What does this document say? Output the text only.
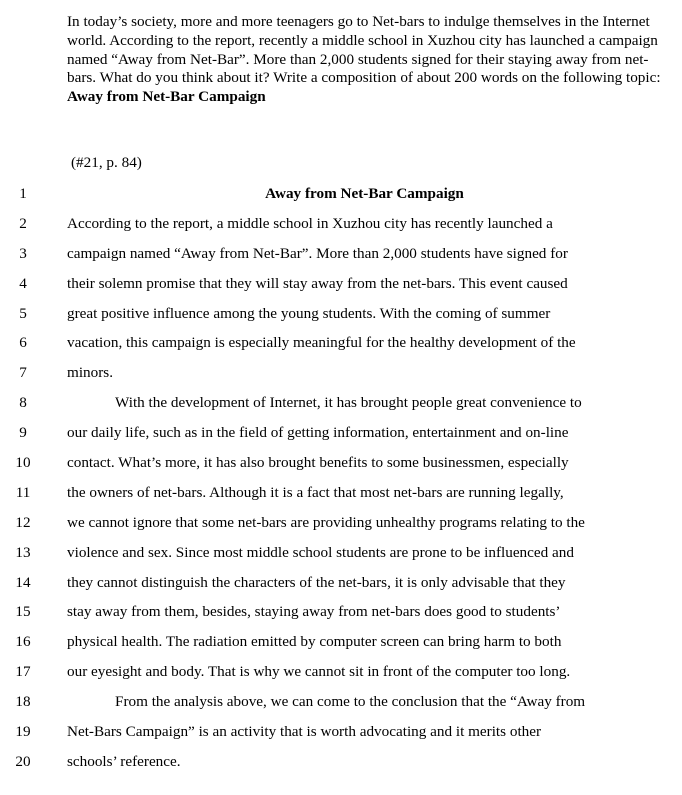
In today’s society, more and more teenagers go to Net-bars to indulge themselves in the Internet world. According to the report, recently a middle school in Xuzhou city has launched a campaign named “Away from Net-Bar”. More than 2,000 students signed for their staying away from net-bars. What do you think about it? Write a composition of about 200 words on the following topic: Away from Net-Bar Campaign
(#21, p. 84)
1	Away from Net-Bar Campaign
2	According to the report, a middle school in Xuzhou city has recently launched a
3	campaign named “Away from Net-Bar”. More than 2,000 students have signed for
4	their solemn promise that they will stay away from the net-bars. This event caused
5	great positive influence among the young students. With the coming of summer
6	vacation, this campaign is especially meaningful for the healthy development of the
7	minors.
8	With the development of Internet, it has brought people great convenience to
9	our daily life, such as in the field of getting information, entertainment and on-line
10	contact. What’s more, it has also brought benefits to some businessmen, especially
11	the owners of net-bars. Although it is a fact that most net-bars are running legally,
12	we cannot ignore that some net-bars are providing unhealthy programs relating to the
13	violence and sex. Since most middle school students are prone to be influenced and
14	they cannot distinguish the characters of the net-bars, it is only advisable that they
15	stay away from them, besides, staying away from net-bars does good to students’
16	physical health. The radiation emitted by computer screen can bring harm to both
17	our eyesight and body. That is why we cannot sit in front of the computer too long.
18	From the analysis above, we can come to the conclusion that the “Away from
19	Net-Bars Campaign” is an activity that is worth advocating and it merits other
20	schools’ reference.
